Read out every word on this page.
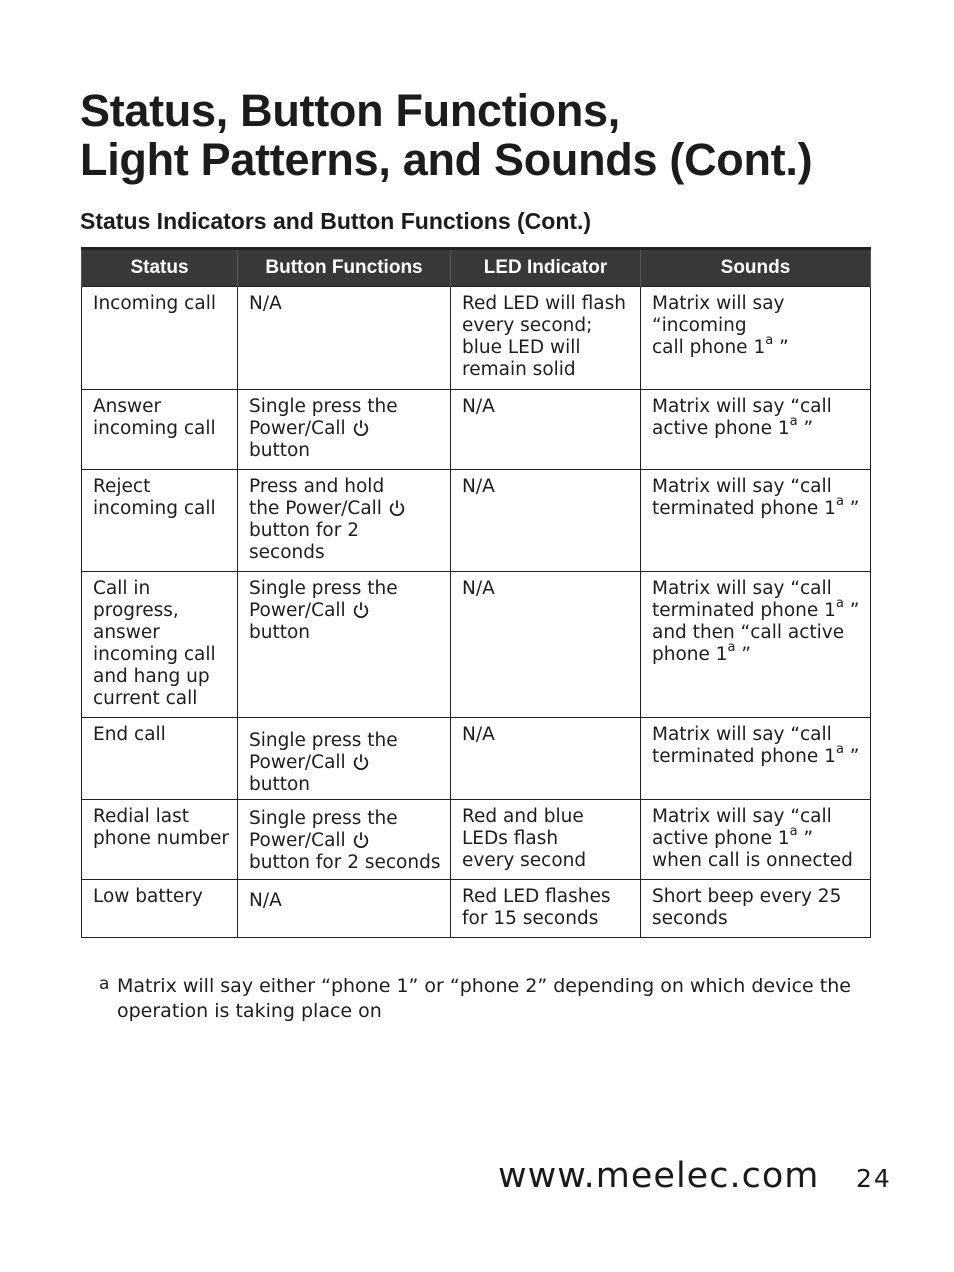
Status, Button Functions,
Light Patterns, and Sounds (Cont.)
Status Indicators and Button Functions (Cont.)
Status	Button Functions	LED Indicator	Sounds

Incoming call	N/A	Red LED will flash every second; blue LED will remain solid	Matrix will say
“incoming
call phone 1$^a$ ”

Answer incoming call	Single press the
Power/Call
button	N/A	Matrix will say “call
active phone 1$^a$ ”

Reject incoming call	Press and hold
the Power/Call
button for 2 seconds	N/A	Matrix will say “call
terminated phone 1$^a$ ”

Call in progress, answer incoming call and hang up current call	Single press the
Power/Call
button	N/A	Matrix will say “call
terminated phone 1$^a$ ”
and then “call active
phone 1$^a$ ”

End call	Single press the
Power/Call
button	N/A	Matrix will say “call
terminated phone 1$^a$ ”

Redial last phone number	Single press the
Power/Call
button for 2 seconds	Red and blue LEDs flash every second	Matrix will say “call
active phone 1$^a$ ”
when call is onnected

Low battery	N/A	Red LED flashes for 15 seconds	Short beep every 25 seconds
a Matrix will say either “phone 1” or “phone 2” depending on which device the operation is taking place on
www.meelec.com 24
